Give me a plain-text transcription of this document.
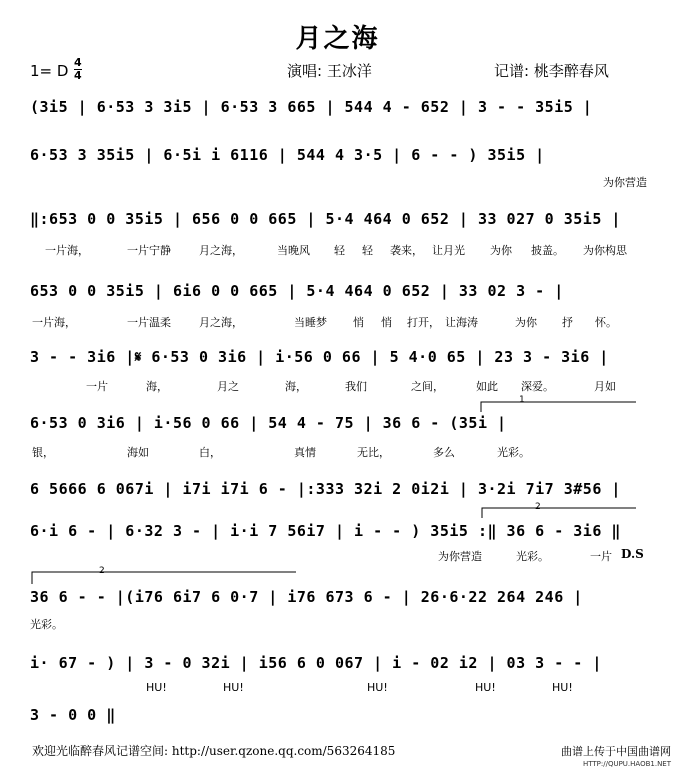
月之海
1= D 4
4	演唱: 王冰洋	记谱: 桃李醉春风
(3i5 | 6·53 3 3i5 | 6·53 3 665 | 544 4 - 652 | 3 - - 35i5 |
6·53 3 35i5 | 6·5i i 6116 | 544 4 3·5 | 6 - - ) 35i5 |
‖:653 0 0 35i5 | 656 0 0 665 | 5·4 464 0 652 | 33 027 0 35i5 |
653 0 0 35i5 | 6i6 0 0 665 | 5·4 464 0 652 | 33 02 3 - |
3 - - 3i6 |𝄋 6·53 0 3i6 | i·56 0 66 | 5 4·0 65 | 23 3 - 3i6 |
6·53 0 3i6 | i·56 0 66 | 54 4 - 75 | 36 6 - (35i |
6 5666 6 067i | i7i i7i 6 - |:333 32i 2 0i2i | 3·2i 7i7 3#56 |
6·i 6 - | 6·32 3 - | i·i 7 56i7 | i - - ) 35i5 :‖ 36 6 - 3i6 ‖
36 6 - - |(i76 6i7 6 0·7 | i76 673 6 - | 26·6·22 264 246 |
i· 67 - ) | 3 - 0 32i | i56 6 0 067 | i - 02 i2 | 03 3 - - |
3 - 0 0 ‖
为你营造
一片海，	一片宁静	月之海，	当晚风 轻 轻 袭来， 让月光 为你 披盖。 为你构思
一片海，	一片温柔	月之海，	当睡梦 悄 悄 打开， 让海涛	为你 抒 怀。
一片	海，	月之	海，	我们	之间，	如此 深爱。	月如
银，	海如	白，	真情	无比，	多么	光彩。
为你营造	光彩。	一片 D.S
光彩。
HU!	HU!	HU!	HU!	HU!
1
2
2
欢迎光临醉春风记谱空间: http://user.qzone.qq.com/563264185	曲谱上传于中国曲谱网
HTTP://QUPU.HAOB1.NET
